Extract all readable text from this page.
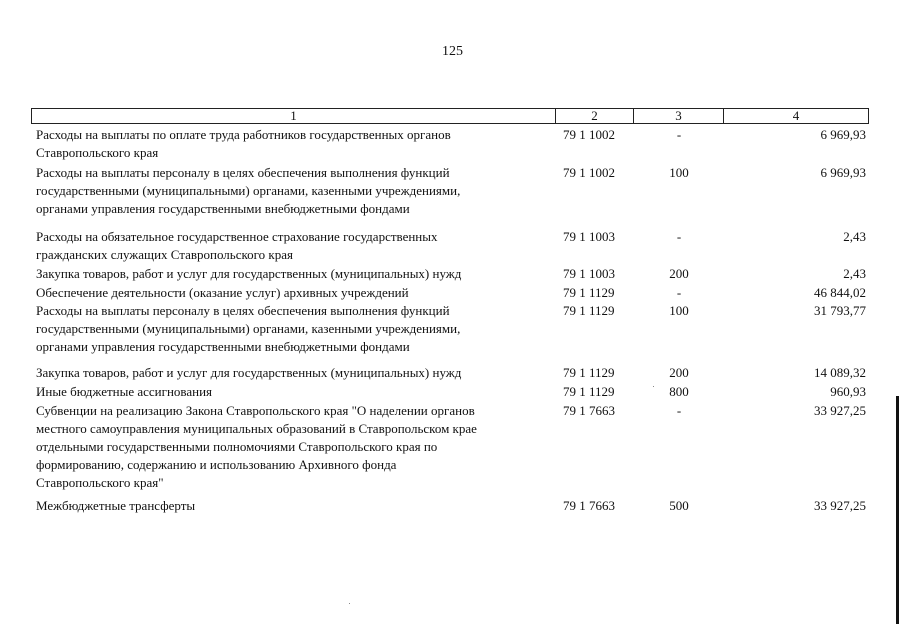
125
1	2	3	4
Расходы на выплаты по оплате труда работников государственных органов
Ставропольского края
79 1 1002	-	6 969,93
Расходы на выплаты персоналу в целях обеспечения выполнения функций
государственными (муниципальными) органами, казенными учреждениями,
органами управления государственными внебюджетными фондами
79 1 1002	100	6 969,93
Расходы на обязательное государственное страхование государственных
гражданских служащих Ставропольского края
79 1 1003	-	2,43
Закупка товаров, работ и услуг для государственных (муниципальных) нужд	79 1 1003	200	2,43
Обеспечение деятельности (оказание услуг) архивных учреждений	79 1 1129	-	46 844,02
Расходы на выплаты персоналу в целях обеспечения выполнения функций
государственными (муниципальными) органами, казенными учреждениями,
органами управления государственными внебюджетными фондами
79 1 1129	100	31 793,77
Закупка товаров, работ и услуг для государственных (муниципальных) нужд	79 1 1129	200	14 089,32
Иные бюджетные ассигнования	79 1 1129	800	960,93
Субвенции на реализацию Закона Ставропольского края "О наделении органов
местного самоуправления муниципальных образований в Ставропольском крае
отдельными государственными полномочиями Ставропольского края по
формированию, содержанию и использованию Архивного фонда
Ставропольского края"
79 1 7663	-	33 927,25
Межбюджетные трансферты	79 1 7663	500	33 927,25
